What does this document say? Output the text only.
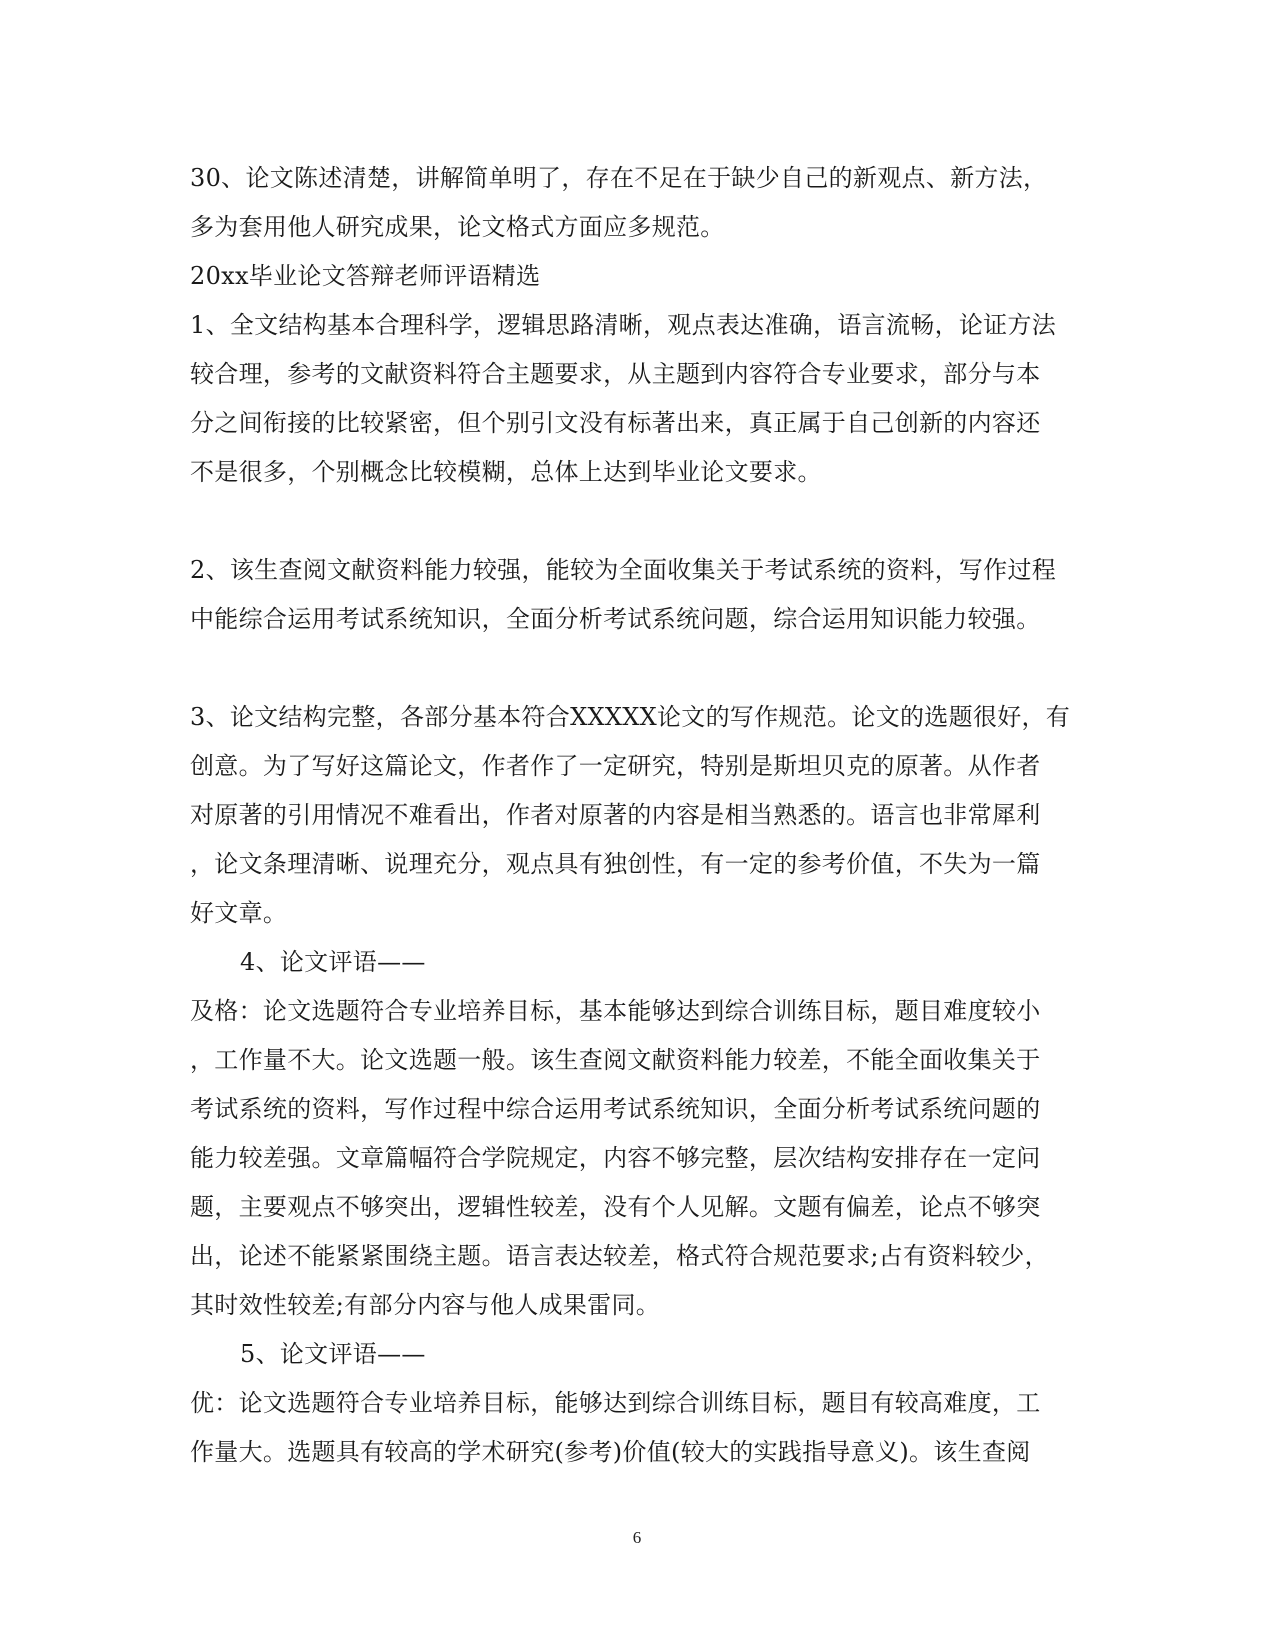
30、论文陈述清楚，讲解简单明了，存在不足在于缺少自己的新观点、新方法，
多为套用他人研究成果，论文格式方面应多规范。
20xx毕业论文答辩老师评语精选
1、全文结构基本合理科学，逻辑思路清晰，观点表达准确，语言流畅，论证方法
较合理，参考的文献资料符合主题要求，从主题到内容符合专业要求，部分与本
分之间衔接的比较紧密，但个别引文没有标著出来，真正属于自己创新的内容还
不是很多，个别概念比较模糊，总体上达到毕业论文要求。
2、该生查阅文献资料能力较强，能较为全面收集关于考试系统的资料，写作过程
中能综合运用考试系统知识，全面分析考试系统问题，综合运用知识能力较强。
3、论文结构完整，各部分基本符合XXXXX论文的写作规范。论文的选题很好，有
创意。为了写好这篇论文，作者作了一定研究，特别是斯坦贝克的原著。从作者
对原著的引用情况不难看出，作者对原著的内容是相当熟悉的。语言也非常犀利
，论文条理清晰、说理充分，观点具有独创性，有一定的参考价值，不失为一篇
好文章。
4、论文评语——
及格：论文选题符合专业培养目标，基本能够达到综合训练目标，题目难度较小
，工作量不大。论文选题一般。该生查阅文献资料能力较差，不能全面收集关于
考试系统的资料，写作过程中综合运用考试系统知识，全面分析考试系统问题的
能力较差强。文章篇幅符合学院规定，内容不够完整，层次结构安排存在一定问
题，主要观点不够突出，逻辑性较差，没有个人见解。文题有偏差，论点不够突
出，论述不能紧紧围绕主题。语言表达较差，格式符合规范要求;占有资料较少，
其时效性较差;有部分内容与他人成果雷同。
5、论文评语——
优：论文选题符合专业培养目标，能够达到综合训练目标，题目有较高难度，工
作量大。选题具有较高的学术研究(参考)价值(较大的实践指导意义)。该生查阅
6
